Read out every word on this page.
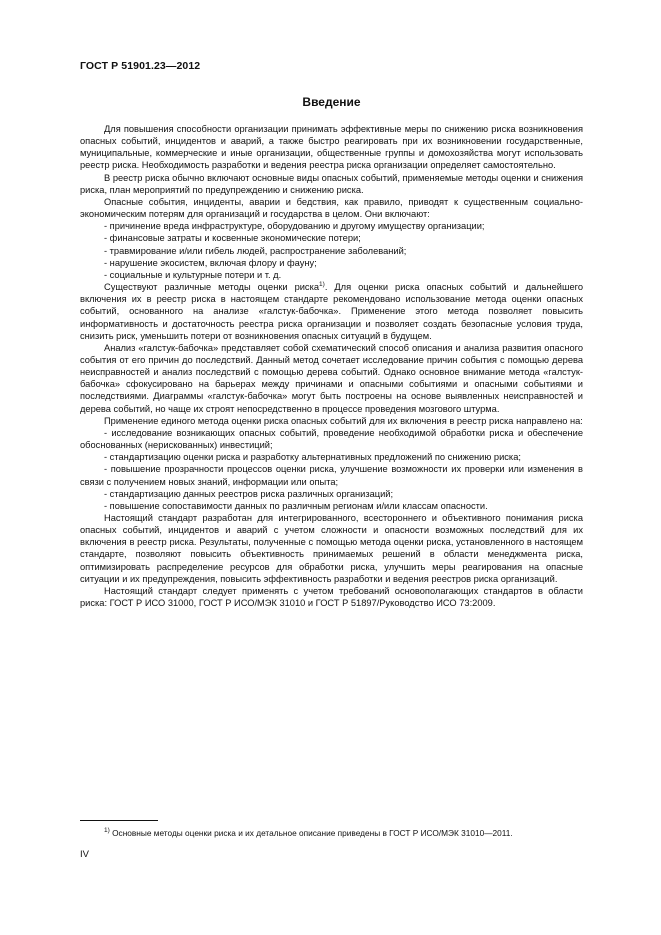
ГОСТ Р 51901.23—2012
Введение

Для повышения способности организации принимать эффективные меры по снижению риска возникновения опасных событий, инцидентов и аварий, а также быстро реагировать при их возникновении государственные, муниципальные, коммерческие и иные организации, общественные группы и домохозяйства могут использовать реестр риска. Необходимость разработки и ведения реестра риска организации определяет самостоятельно.

В реестр риска обычно включают основные виды опасных событий, применяемые методы оценки и снижения риска, план мероприятий по предупреждению и снижению риска.

Опасные события, инциденты, аварии и бедствия, как правило, приводят к существенным социально-экономическим потерям для организаций и государства в целом. Они включают:

- причинение вреда инфраструктуре, оборудованию и другому имуществу организации;

- финансовые затраты и косвенные экономические потери;

- травмирование и/или гибель людей, распространение заболеваний;

- нарушение экосистем, включая флору и фауну;

- социальные и культурные потери и т. д.

Существуют различные методы оценки риска$^{1)}$. Для оценки риска опасных событий и дальнейшего включения их в реестр риска в настоящем стандарте рекомендовано использование метода оценки опасных событий, основанного на анализе «галстук-бабочка». Применение этого метода позволяет повысить информативность и достаточность реестра риска организации и позволяет создать безопасные условия труда, снизить риск, уменьшить потери от возникновения опасных ситуаций в будущем.

Анализ «галстук-бабочка» представляет собой схематический способ описания и анализа развития опасного события от его причин до последствий. Данный метод сочетает исследование причин события с помощью дерева неисправностей и анализ последствий с помощью дерева событий. Однако основное внимание метода «галстук-бабочка» сфокусировано на барьерах между причинами и опасными событиями и опасными событиями и последствиями. Диаграммы «галстук-бабочка» могут быть построены на основе выявленных неисправностей и дерева событий, но чаще их строят непосредственно в процессе проведения мозгового штурма.

Применение единого метода оценки риска опасных событий для их включения в реестр риска направлено на:

- исследование возникающих опасных событий, проведение необходимой обработки риска и обеспечение обоснованных (нерискованных) инвестиций;

- стандартизацию оценки риска и разработку альтернативных предложений по снижению риска;

- повышение прозрачности процессов оценки риска, улучшение возможности их проверки или изменения в связи с получением новых знаний, информации или опыта;

- стандартизацию данных реестров риска различных организаций;

- повышение сопоставимости данных по различным регионам и/или классам опасности.

Настоящий стандарт разработан для интегрированного, всестороннего и объективного понимания риска опасных событий, инцидентов и аварий с учетом сложности и опасности возможных последствий для их включения в реестр риска. Результаты, полученные с помощью метода оценки риска, установленного в настоящем стандарте, позволяют повысить объективность принимаемых решений в области менеджмента риска, оптимизировать распределение ресурсов для обработки риска, улучшить меры реагирования на опасные ситуации и их предупреждения, повысить эффективность разработки и ведения реестров риска организаций.

Настоящий стандарт следует применять с учетом требований основополагающих стандартов в области риска: ГОСТ Р ИСО 31000, ГОСТ Р ИСО/МЭК 31010 и ГОСТ Р 51897/Руководство ИСО 73:2009.

$^{1)}$ Основные методы оценки риска и их детальное описание приведены в ГОСТ Р ИСО/МЭК 31010—2011.
IV
